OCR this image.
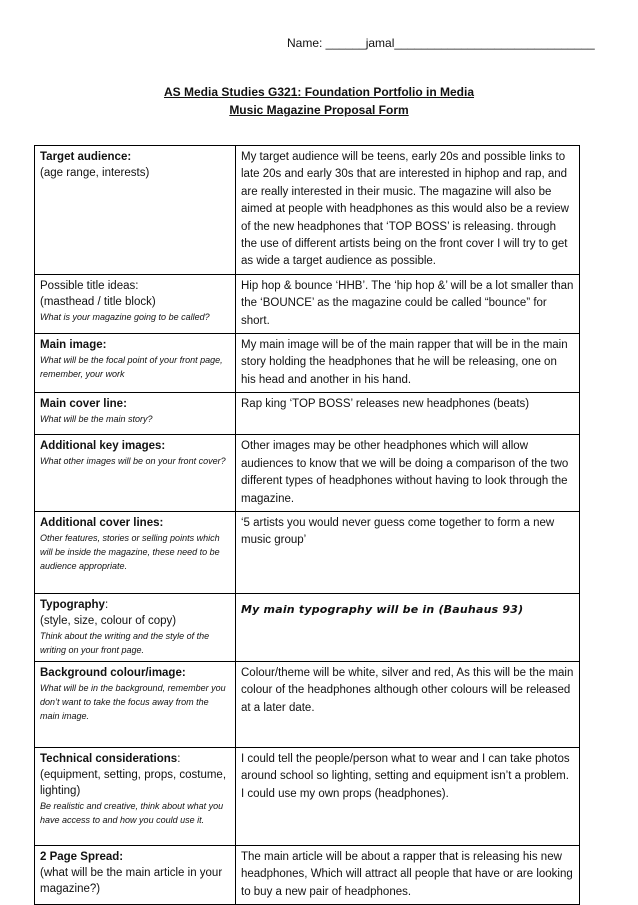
Name: ______jamal______________________________
AS Media Studies G321: Foundation Portfolio in Media
Music Magazine Proposal Form
Target audience:
(age range, interests)	My target audience will be teens, early 20s and possible links to late 20s and early 30s that are interested in hiphop and rap, and are really interested in their music. The magazine will also be aimed at people with headphones as this would also be a review of the new headphones that ‘TOP BOSS’ is releasing. through the use of different artists being on the front cover I will try to get as wide a target audience as possible.

Possible title ideas:
(masthead / title block)
What is your magazine going to be called?	Hip hop & bounce ‘HHB’. The ‘hip hop &’ will be a lot smaller than the ‘BOUNCE’ as the magazine could be called “bounce” for short.

Main image:
What will be the focal point of your front page, remember, your work	My main image will be of the main rapper that will be in the main story holding the headphones that he will be releasing, one on his head and another in his hand.

Main cover line:
What will be the main story?	Rap king ‘TOP BOSS’ releases new headphones (beats)

Additional key images:
What other images will be on your front cover?	Other images may be other headphones which will allow audiences to know that we will be doing a comparison of the two different types of headphones without having to look through the magazine.

Additional cover lines:
Other features, stories or selling points which will be inside the magazine, these need to be audience appropriate.	‘5 artists you would never guess come together to form a new music group’

Typography:
(style, size, colour of copy)
Think about the writing and the style of the writing on your front page.	My main typography will be in (Bauhaus 93)

Background colour/image:
What will be in the background, remember you don’t want to take the focus away from the main image.	Colour/theme will be white, silver and red, As this will be the main colour of the headphones although other colours will be released at a later date.

Technical considerations:
(equipment, setting, props, costume, lighting)
Be realistic and creative, think about what you have access to and how you could use it.	I could tell the people/person what to wear and I can take photos around school so lighting, setting and equipment isn’t a problem. I could use my own props (headphones).

2 Page Spread:
(what will be the main article in your magazine?)	The main article will be about a rapper that is releasing his new headphones, Which will attract all people that have or are looking to buy a new pair of headphones.
